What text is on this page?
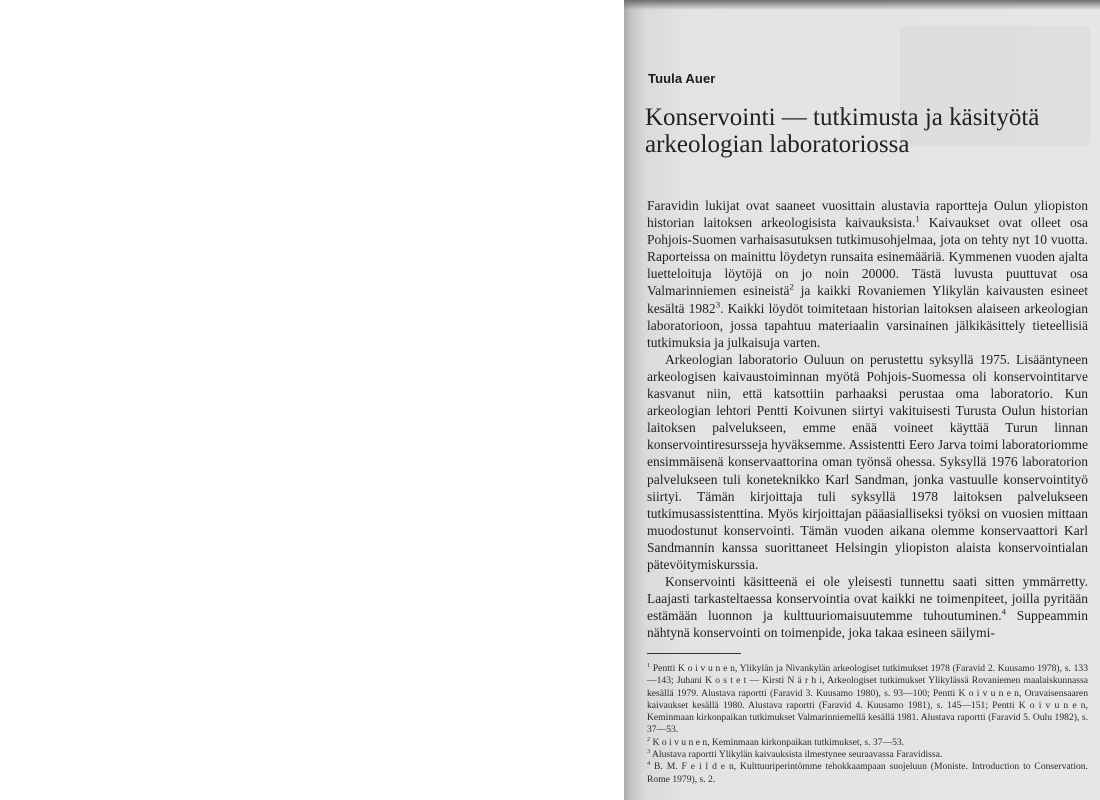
Tuula Auer
Konservointi — tutkimusta ja käsityötä
arkeologian laboratoriossa

Faravidin lukijat ovat saaneet vuosittain alustavia raportteja Oulun yliopiston historian laitoksen arkeologisista kaivauksista.$^1$ Kaivaukset ovat olleet osa Pohjois-Suomen varhaisasutuksen tutkimusohjelmaa, jota on tehty nyt 10 vuotta. Raporteissa on mainittu löydetyn runsaita esinemääriä. Kymmenen vuoden ajalta luetteloituja löytöjä on jo noin 20000. Tästä luvusta puuttuvat osa Valmarinniemen esineistä$^2$ ja kaikki Rovaniemen Ylikylän kaivausten esineet kesältä 1982$^3$. Kaikki löydöt toimitetaan historian laitoksen alaiseen arkeologian laboratorioon, jossa tapahtuu materiaalin varsinainen jälkikäsittely tieteellisiä tutkimuksia ja julkaisuja varten.

Arkeologian laboratorio Ouluun on perustettu syksyllä 1975. Lisääntyneen arkeologisen kaivaustoiminnan myötä Pohjois-Suomessa oli konservointitarve kasvanut niin, että katsottiin parhaaksi perustaa oma laboratorio. Kun arkeologian lehtori Pentti Koivunen siirtyi vakituisesti Turusta Oulun historian laitoksen palvelukseen, emme enää voineet käyttää Turun linnan konservointiresursseja hyväksemme. Assistentti Eero Jarva toimi laboratoriomme ensimmäisenä konservaattorina oman työnsä ohessa. Syksyllä 1976 laboratorion palvelukseen tuli koneteknikko Karl Sandman, jonka vastuulle konservointityö siirtyi. Tämän kirjoittaja tuli syksyllä 1978 laitoksen palvelukseen tutkimusassistenttina. Myös kirjoittajan pääasialliseksi työksi on vuosien mittaan muodostunut konservointi. Tämän vuoden aikana olemme konservaattori Karl Sandmannin kanssa suorittaneet Helsingin yliopiston alaista konservointialan pätevöitymiskurssia.

Konservointi käsitteenä ei ole yleisesti tunnettu saati sitten ymmärretty. Laajasti tarkasteltaessa konservointia ovat kaikki ne toimenpiteet, joilla pyritään estämään luonnon ja kulttuuriomaisuutemme tuhoutuminen.$^4$ Suppeammin nähtynä konservointi on toimenpide, joka takaa esineen säilymi-

$^1$ Pentti K o i v u n e n, Ylikylän ja Nivankylän arkeologiset tutkimukset 1978 (Faravid 2. Kuusamo 1978), s. 133—143; Juhani K o s t e t — Kirsti N ä r h i, Arkeologiset tutkimukset Ylikylässä Rovaniemen maalaiskunnassa kesällä 1979. Alustava raportti (Faravid 3. Kuusamo 1980), s. 93—100; Pentti K o i v u n e n, Oravaisensaaren kaivaukset kesällä 1980. Alustava raportti (Faravid 4. Kuusamo 1981), s. 145—151; Pentti K o i v u n e n, Keminmaan kirkonpaikan tutkimukset Valmarinniemellä kesällä 1981. Alustava raportti (Faravid 5. Oulu 1982), s. 37—53.
$^2$ K o i v u n e n, Keminmaan kirkonpaikan tutkimukset, s. 37—53.
$^3$ Alustava raportti Ylikylän kaivauksista ilmestynee seuraavassa Faravidissa.
$^4$ B. M. F e i l d e n, Kulttuuriperintömme tehokkaampaan suojeluun (Moniste. Introduction to Conservation. Rome 1979), s. 2.
